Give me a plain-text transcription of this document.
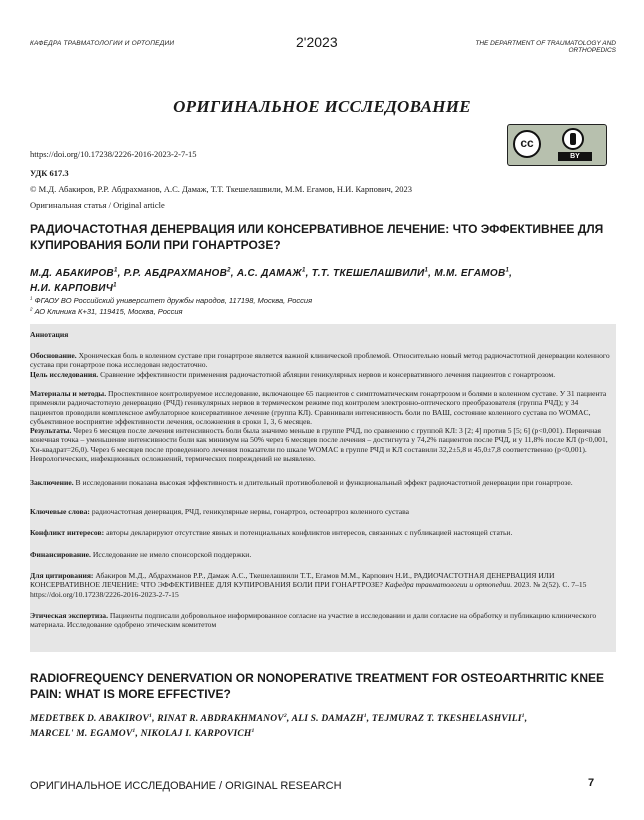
КАФЕДРА ТРАВМАТОЛОГИИ И ОРТОПЕДИИ	2'2023	THE DEPARTMENT OF TRAUMATOLOGY AND ORTHOPEDICS
ОРИГИНАЛЬНОЕ ИССЛЕДОВАНИЕ
cc
BY
https://doi.org/10.17238/2226-2016-2023-2-7-15
УДК 617.3
© М.Д. Абакиров, Р.Р. Абдрахманов, А.С. Дамаж, Т.Т. Ткешелашвили, М.М. Егамов, Н.И. Карпович, 2023
Оригинальная статья / Original article
РАДИОЧАСТОТНАЯ ДЕНЕРВАЦИЯ ИЛИ КОНСЕРВАТИВНОЕ ЛЕЧЕНИЕ: ЧТО ЭФФЕКТИВНЕЕ ДЛЯ КУПИРОВАНИЯ БОЛИ ПРИ ГОНАРТРОЗЕ?
М.Д. АБАКИРОВ$^1$, Р.Р. АБДРАХМАНОВ$^2$, А.С. ДАМАЖ$^1$, Т.Т. ТКЕШЕЛАШВИЛИ$^1$, М.М. ЕГАМОВ$^1$,
Н.И. КАРПОВИЧ$^1$
$^1$ ФГАОУ ВО Российский университет дружбы народов, 117198, Москва, Россия
$^2$ АО Клиника К+31, 119415, Москва, Россия
Аннотация
Обоснование. Хроническая боль в коленном суставе при гонартрозе является важной клинической проблемой. Относительно новый метод радиочастотной денервации коленного сустава при гонартрозе пока исследован недостаточно.
Цель исследования. Сравнение эффективности применения радиочастотной абляции геникулярных нервов и консервативного лечения пациентов с гонартрозом.
Материалы и методы. Проспективное контролируемое исследование, включающее 65 пациентов с симптоматическим гонартрозом и болями в коленном суставе. У 31 пациента применяли радиочастотную денервацию (РЧД) геникулярных нервов в термическом режиме под контролем электронно-оптического преобразователя (группа РЧД); у 34 пациентов проводили комплексное амбулаторное консервативное лечение (группа КЛ). Сравнивали интенсивность боли по ВАШ, состояние коленного сустава по WOMAC, субъективное восприятие эффективности лечения, осложнения в сроки 1, 3, 6 месяцев.
Результаты. Через 6 месяцев после лечения интенсивность боли была значимо меньше в группе РЧД, по сравнению с группой КЛ: 3 [2; 4] против 5 [5; 6] (p<0,001). Первичная конечная точка – уменьшение интенсивности боли как минимум на 50% через 6 месяцев после лечения – достигнута у 74,2% пациентов после РЧД, и у 11,8% после КЛ (p<0,001, Хи-квадрат=26,0). Через 6 месяцев после проведенного лечения показатели по шкале WOMAC в группе РЧД и КЛ составили 32,2±5,8 и 45,0±7,8 соответственно (p<0,001). Неврологических, инфекционных осложнений, термических повреждений не выявлено.
Заключение. В исследовании показана высокая эффективность и длительный противоболевой и функциональный эффект радиочастотной денервации при гонартрозе.
Ключевые слова: радиочастотная денервация, РЧД, геникулярные нервы, гонартроз, остеоартроз коленного сустава
Конфликт интересов: авторы декларируют отсутствие явных и потенциальных конфликтов интересов, связанных с публикацией настоящей статьи.
Финансирование. Исследование не имело спонсорской поддержки.
Для цитирования: Абакиров М.Д., Абдрахманов Р.Р., Дамаж А.С., Ткешелашвили Т.Т., Егамов М.М., Карпович Н.И., РАДИОЧАСТОТНАЯ ДЕНЕРВАЦИЯ ИЛИ КОНСЕРВАТИВНОЕ ЛЕЧЕНИЕ: ЧТО ЭФФЕКТИВНЕЕ ДЛЯ КУПИРОВАНИЯ БОЛИ ПРИ ГОНАРТРОЗЕ? Кафедра травматологии и ортопедии. 2023. № 2(52). С. 7–15 https://doi.org/10.17238/2226-2016-2023-2-7-15
Этическая экспертиза. Пациенты подписали добровольное информированное согласие на участие в исследовании и дали согласие на обработку и публикацию клинического материала. Исследование одобрено этическим комитетом
RADIOFREQUENCY DENERVATION OR NONOPERATIVE TREATMENT FOR OSTEOARTHRITIC KNEE PAIN: WHAT IS MORE EFFECTIVE?
MEDETBEK D. ABAKIROV$^1$, RINAT R. ABDRAKHMANOV$^2$, ALI S. DAMAZH$^1$, TEJMURAZ T. TKESHELASHVILI$^1$,
MARCEL' M. EGAMOV$^1$, NIKOLAJ I. KARPOVICH$^1$
ОРИГИНАЛЬНОЕ ИССЛЕДОВАНИЕ / ORIGINAL RESEARCH	7
